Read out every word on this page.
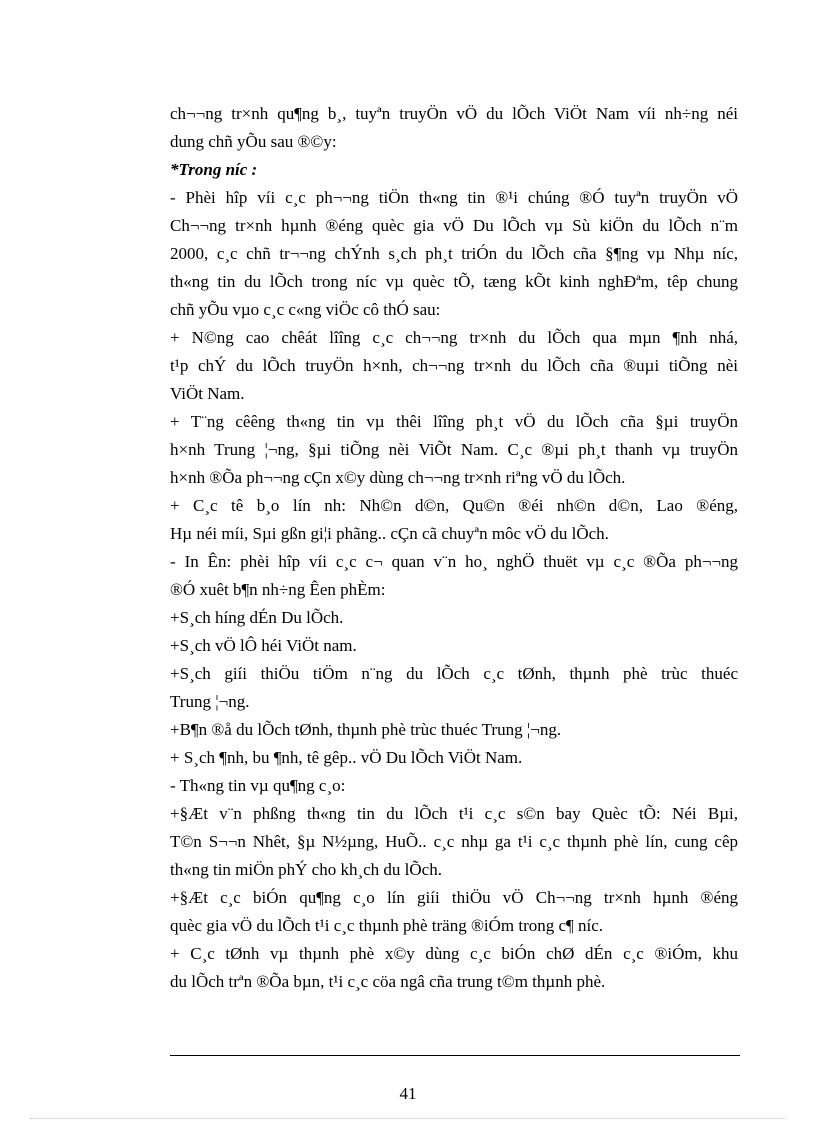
ch¬¬ng tr×nh qu¶ng b¸, tuyªn truyÖn vÖ du lÕch ViÖt Nam víi nh÷ng néi
dung chñ yÕu sau ®©y:
*Trong níc :
- Phèi hîp víi c¸c ph¬¬ng tiÖn th«ng tin ®¹i chúng ®Ó tuyªn truyÖn vÖ
Ch¬¬ng tr×nh hµnh ®éng quèc gia vÖ Du lÕch vµ Sù kiÖn du lÕch n¨m
2000, c¸c chñ tr¬¬ng chÝnh s¸ch ph¸t triÓn du lÕch cña §¶ng vµ Nhµ níc,
th«ng tin du lÕch trong níc vµ quèc tÕ, tæng kÕt kinh nghÐªm, têp chung
chñ yÕu vµo c¸c c«ng viÖc cô thÓ sau:
+ N©ng cao chêát lîîng c¸c ch¬¬ng tr×nh du lÕch qua mµn ¶nh nhá,
t¹p chÝ du lÕch truyÖn h×nh, ch¬¬ng tr×nh du lÕch cña ®uµi tiÕng nèi
ViÖt Nam.
+ T¨ng cêêng th«ng tin vµ thêi lîîng ph¸t vÖ du lÕch cña §µi truyÖn
h×nh Trung ¦¬ng, §µi tiÕng nèi ViÕt Nam. C¸c ®µi ph¸t thanh vµ truyÖn
h×nh ®Õa ph¬¬ng cÇn x©y dùng ch¬¬ng tr×nh riªng vÖ du lÕch.
+ C¸c tê b¸o lín nh: Nh©n d©n, Qu©n ®éi nh©n d©n, Lao ®éng,
Hµ néi míi, Sµi gßn gi¦i phãng.. cÇn cã chuyªn môc vÖ du lÕch.
- In Ên: phèi hîp víi c¸c c¬ quan v¨n ho¸ nghÖ thuët vµ c¸c ®Õa ph¬¬ng
®Ó xuêt b¶n nh÷ng Êen phÈm:
+S¸ch híng dÉn Du lÕch.
+S¸ch vÖ lÔ héi ViÖt nam.
+S¸ch giíi thiÖu tiÖm n¨ng du lÕch c¸c tØnh, thµnh phè trùc thuéc
Trung ¦¬ng.
+B¶n ®å du lÕch tØnh, thµnh phè trùc thuéc Trung ¦¬ng.
+ S¸ch ¶nh, bu ¶nh, tê gêp.. vÖ Du lÕch ViÖt Nam.
- Th«ng tin vµ qu¶ng c¸o:
+§Æt v¨n phßng th«ng tin du lÕch t¹i c¸c s©n bay Quèc tÕ: Néi Bµi,
T©n S¬¬n Nhêt, §µ N½µng, HuÕ.. c¸c nhµ ga t¹i c¸c thµnh phè lín, cung cêp
th«ng tin miÖn phÝ cho kh¸ch du lÕch.
+§Æt c¸c biÓn qu¶ng c¸o lín giíi thiÖu vÖ Ch¬¬ng tr×nh hµnh ®éng
quèc gia vÖ du lÕch t¹i c¸c thµnh phè träng ®iÓm trong c¶ níc.
+ C¸c tØnh vµ thµnh phè x©y dùng c¸c biÓn chØ dÉn c¸c ®iÓm, khu
du lÕch trªn ®Õa bµn, t¹i c¸c cöa ngâ cña trung t©m thµnh phè.
41
